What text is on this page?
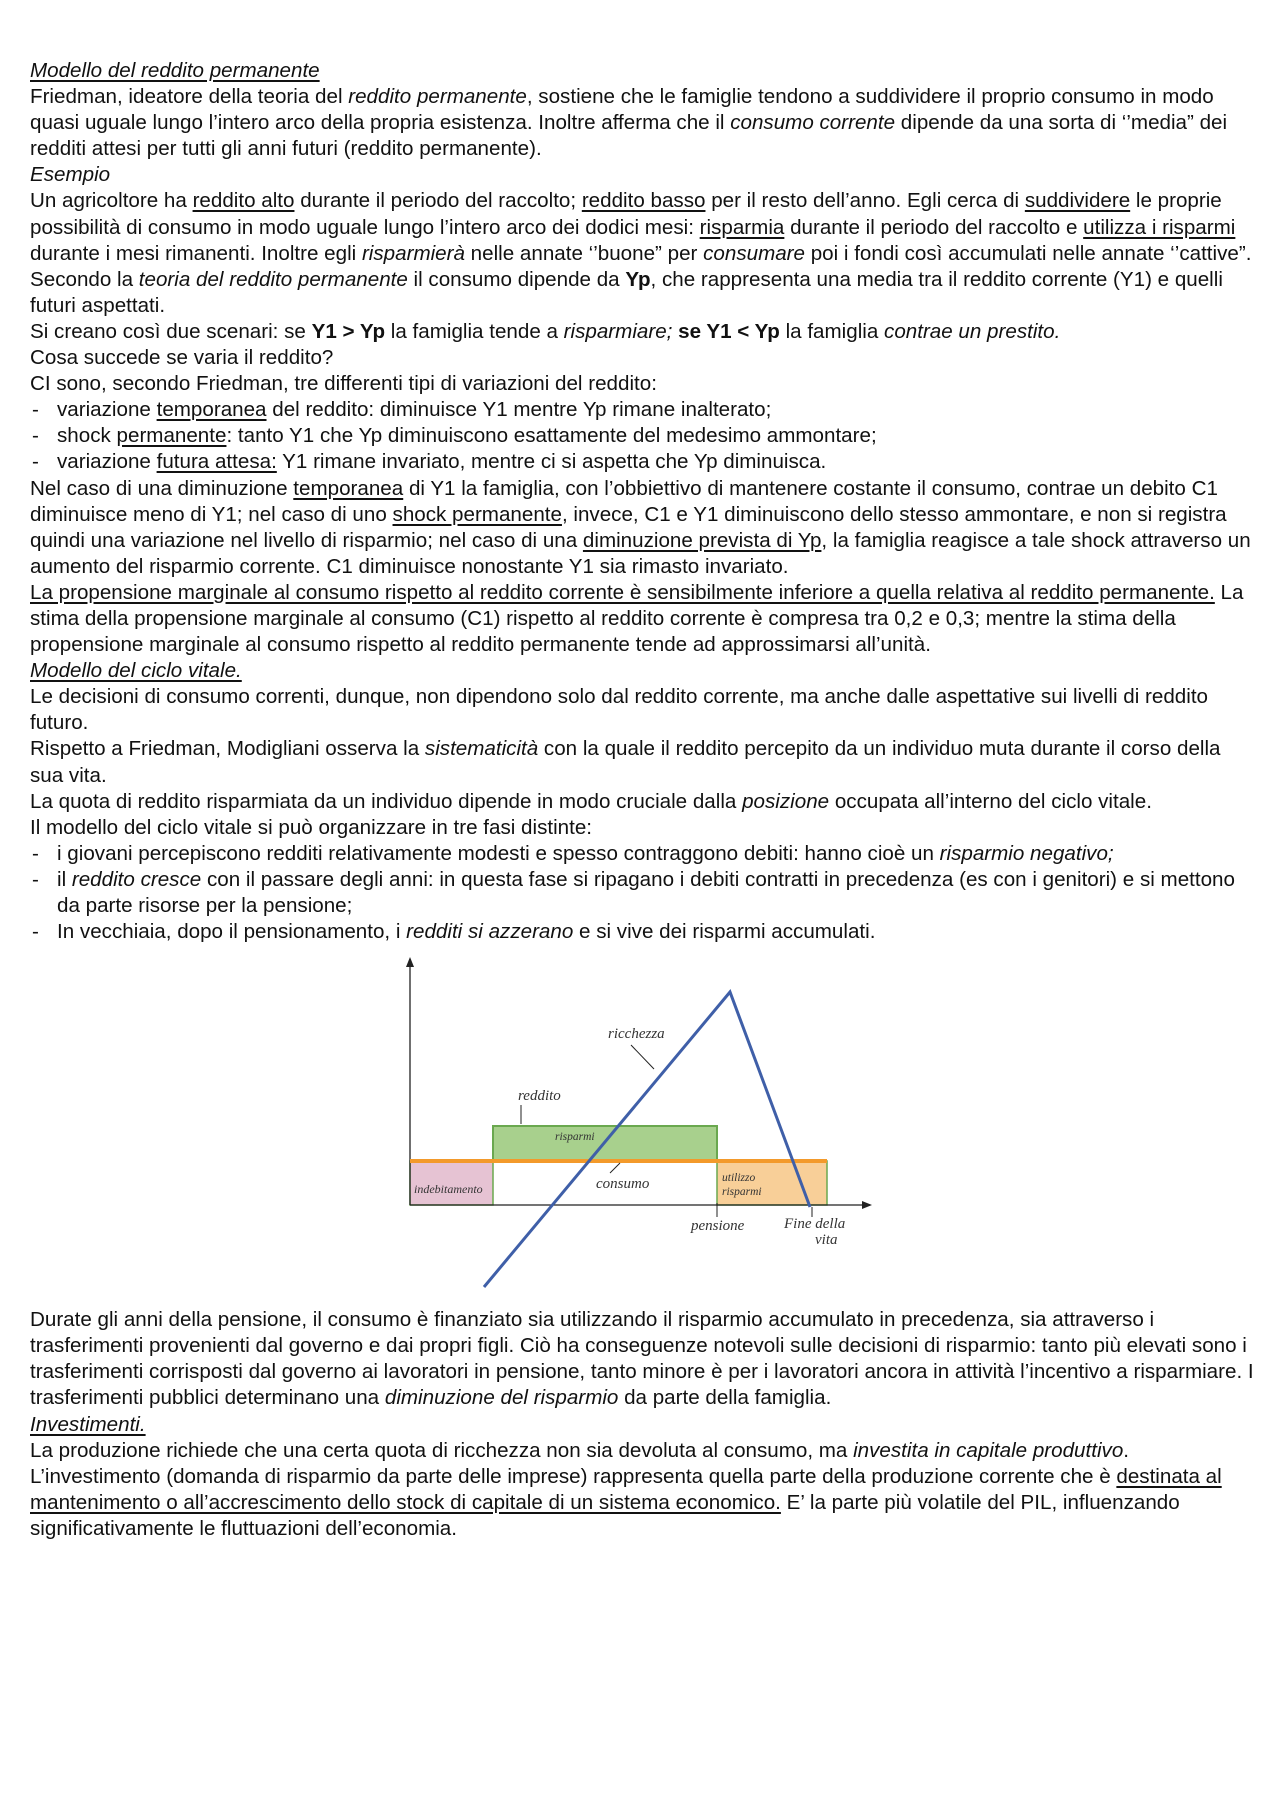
Modello del reddito permanente

Friedman, ideatore della teoria del reddito permanente, sostiene che le famiglie tendono a suddividere il proprio consumo in modo quasi uguale lungo l’intero arco della propria esistenza. Inoltre afferma che il consumo corrente dipende da una sorta di ‘’media” dei redditi attesi per tutti gli anni futuri (reddito permanente).

Esempio

Un agricoltore ha reddito alto durante il periodo del raccolto; reddito basso per il resto dell’anno. Egli cerca di suddividere le proprie possibilità di consumo in modo uguale lungo l’intero arco dei dodici mesi: risparmia durante il periodo del raccolto e utilizza i risparmi durante i mesi rimanenti. Inoltre egli risparmierà nelle annate ‘’buone” per consumare poi i fondi così accumulati nelle annate ‘’cattive”.

Secondo la teoria del reddito permanente il consumo dipende da Yp, che rappresenta una media tra il reddito corrente (Y1) e quelli futuri aspettati.

Si creano così due scenari: se Y1 > Yp la famiglia tende a risparmiare; se Y1 < Yp la famiglia contrae un prestito.

Cosa succede se varia il reddito?

CI sono, secondo Friedman, tre differenti tipi di variazioni del reddito:

- variazione temporanea del reddito: diminuisce Y1 mentre Yp rimane inalterato;

- shock permanente: tanto Y1 che Yp diminuiscono esattamente del medesimo ammontare;

- variazione futura attesa: Y1 rimane invariato, mentre ci si aspetta che Yp diminuisca.

Nel caso di una diminuzione temporanea di Y1 la famiglia, con l’obbiettivo di mantenere costante il consumo, contrae un debito C1 diminuisce meno di Y1; nel caso di uno shock permanente, invece, C1 e Y1 diminuiscono dello stesso ammontare, e non si registra quindi una variazione nel livello di risparmio; nel caso di una diminuzione prevista di Yp, la famiglia reagisce a tale shock attraverso un aumento del risparmio corrente. C1 diminuisce nonostante Y1 sia rimasto invariato.

La propensione marginale al consumo rispetto al reddito corrente è sensibilmente inferiore a quella relativa al reddito permanente. La stima della propensione marginale al consumo (C1) rispetto al reddito corrente è compresa tra 0,2 e 0,3; mentre la stima della propensione marginale al consumo rispetto al reddito permanente tende ad approssimarsi all’unità.

Modello del ciclo vitale.

Le decisioni di consumo correnti, dunque, non dipendono solo dal reddito corrente, ma anche dalle aspettative sui livelli di reddito futuro.

Rispetto a Friedman, Modigliani osserva la sistematicità con la quale il reddito percepito da un individuo muta durante il corso della sua vita.

La quota di reddito risparmiata da un individuo dipende in modo cruciale dalla posizione occupata all’interno del ciclo vitale.

Il modello del ciclo vitale si può organizzare in tre fasi distinte:

- i giovani percepiscono redditi relativamente modesti e spesso contraggono debiti: hanno cioè un risparmio negativo;

- il reddito cresce con il passare degli anni: in questa fase si ripagano i debiti contratti in precedenza (es con i genitori) e si mettono da parte risorse per la pensione;

- In vecchiaia, dopo il pensionamento, i redditi si azzerano e si vive dei risparmi accumulati.

ricchezza
reddito
risparmi
consumo
indebitamento
utilizzo
risparmi
pensione	Fine della
vita

Durate gli anni della pensione, il consumo è finanziato sia utilizzando il risparmio accumulato in precedenza, sia attraverso i trasferimenti provenienti dal governo e dai propri figli. Ciò ha conseguenze notevoli sulle decisioni di risparmio: tanto più elevati sono i trasferimenti corrisposti dal governo ai lavoratori in pensione, tanto minore è per i lavoratori ancora in attività l’incentivo a risparmiare. I trasferimenti pubblici determinano una diminuzione del risparmio da parte della famiglia.

Investimenti.

La produzione richiede che una certa quota di ricchezza non sia devoluta al consumo, ma investita in capitale produttivo.

L’investimento (domanda di risparmio da parte delle imprese) rappresenta quella parte della produzione corrente che è destinata al mantenimento o all’accrescimento dello stock di capitale di un sistema economico. E’ la parte più volatile del PIL, influenzando significativamente le fluttuazioni dell’economia.
